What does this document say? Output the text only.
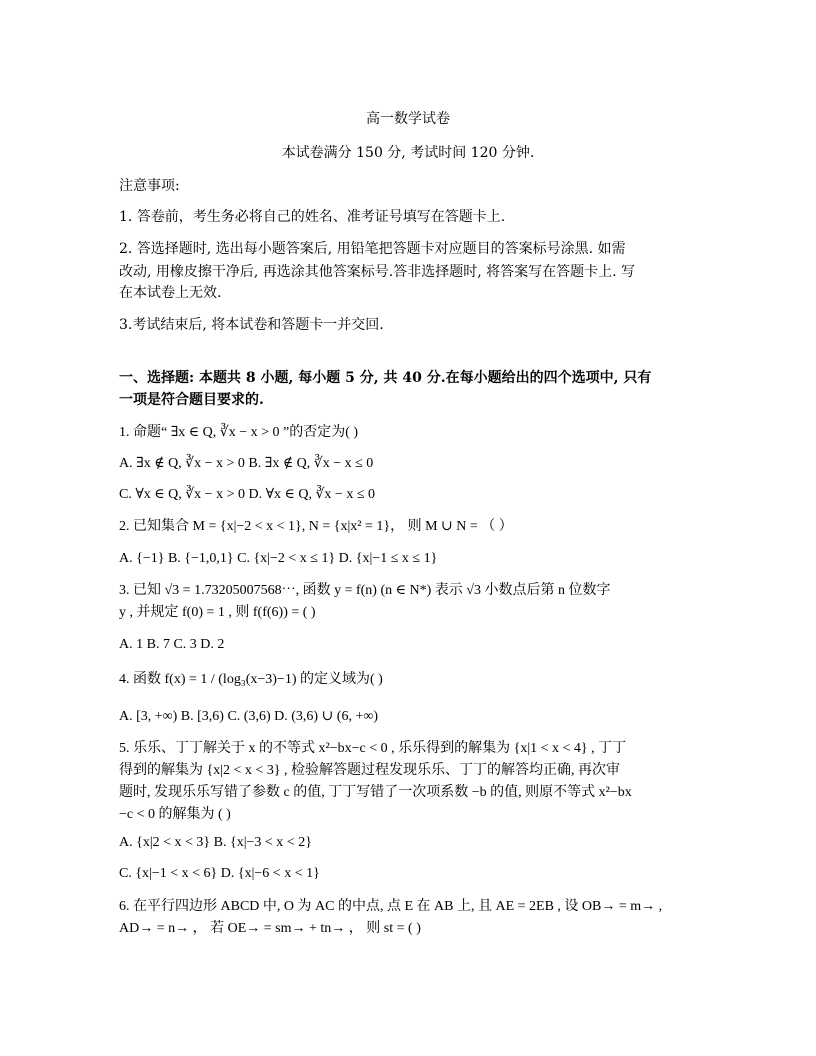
高一数学试卷
本试卷满分 150 分, 考试时间 120 分钟.
注意事项:
1. 答卷前，考生务必将自己的姓名、准考证号填写在答题卡上.
2. 答选择题时, 选出每小题答案后, 用铅笔把答题卡对应题目的答案标号涂黑. 如需
改动, 用橡皮擦干净后, 再选涂其他答案标号.答非选择题时, 将答案写在答题卡上. 写
在本试卷上无效.
3.考试结束后, 将本试卷和答题卡一并交回.
一、选择题: 本题共 8 小题, 每小题 5 分, 共 40 分.在每小题给出的四个选项中, 只有
一项是符合题目要求的.
1. 命题“ ∃x ∈ Q, ∛x − x > 0 ”的否定为( )
A. ∃x ∉ Q, ∛x − x > 0 B. ∃x ∉ Q, ∛x − x ≤ 0
C. ∀x ∈ Q, ∛x − x > 0 D. ∀x ∈ Q, ∛x − x ≤ 0
2. 已知集合 M = {x|−2 < x < 1}, N = {x|x² = 1}， 则 M ∪ N = （ ）
A. {−1} B. {−1,0,1} C. {x|−2 < x ≤ 1} D. {x|−1 ≤ x ≤ 1}
3. 已知 √3 = 1.73205007568⋯, 函数 y = f(n) (n ∈ N*) 表示 √3 小数点后第 n 位数字
y , 并规定 f(0) = 1 , 则 f(f(6)) = ( )
A. 1 B. 7 C. 3 D. 2
4. 函数 f(x) = 1 / (log₃(x−3)−1) 的定义域为( )
A. [3, +∞) B. [3,6) C. (3,6) D. (3,6) ∪ (6, +∞)
5. 乐乐、丁丁解关于 x 的不等式 x²−bx−c < 0 , 乐乐得到的解集为 {x|1 < x < 4} , 丁丁
得到的解集为 {x|2 < x < 3} , 检验解答题过程发现乐乐、丁丁的解答均正确, 再次审
题时, 发现乐乐写错了参数 c 的值, 丁丁写错了一次项系数 −b 的值, 则原不等式 x²−bx
−c < 0 的解集为 ( )
A. {x|2 < x < 3} B. {x|−3 < x < 2}
C. {x|−1 < x < 6} D. {x|−6 < x < 1}
6. 在平行四边形 ABCD 中, O 为 AC 的中点, 点 E 在 AB 上, 且 AE = 2EB , 设 OB→ = m→ ,
AD→ = n→ ， 若 OE→ = sm→ + tn→ ， 则 st = ( )
